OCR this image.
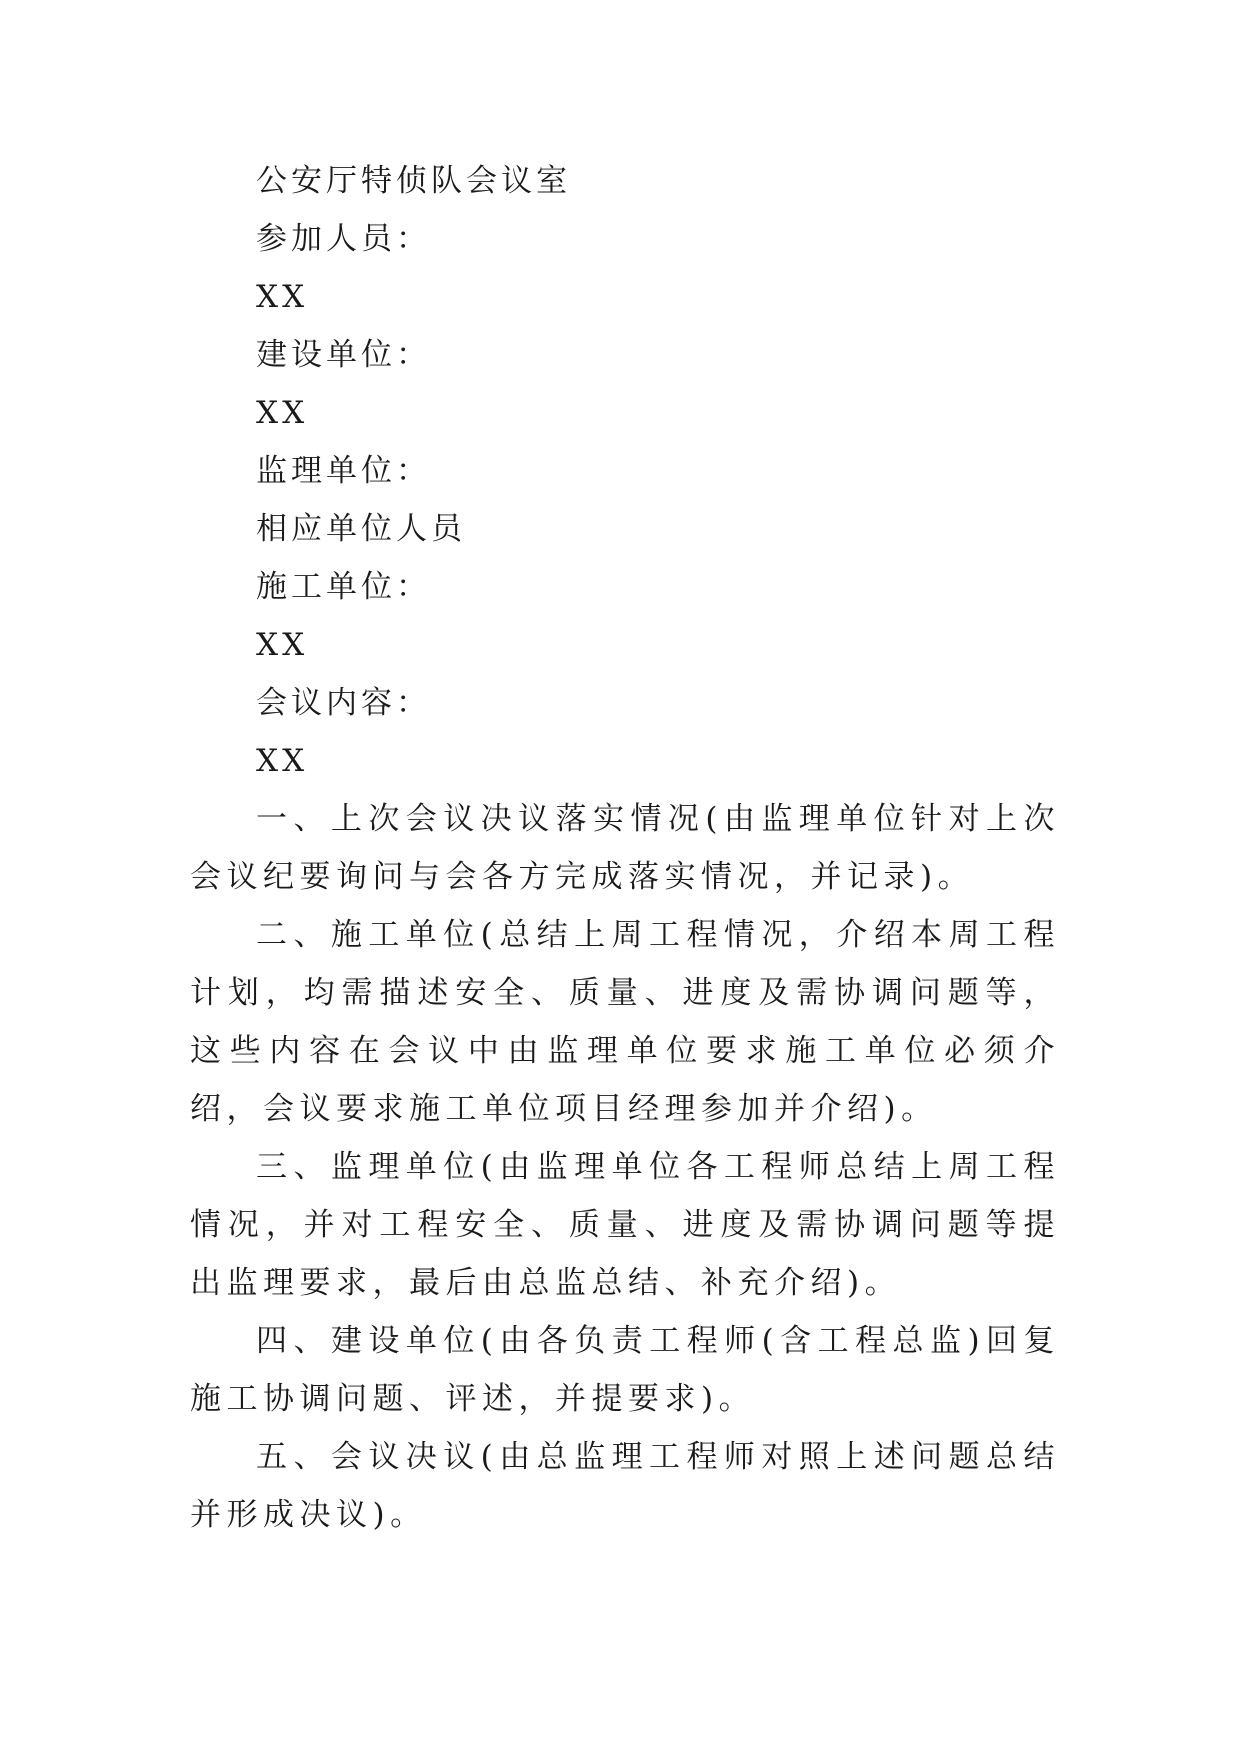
公安厅特侦队会议室

参加人员：

XX

建设单位：

XX

监理单位：

相应单位人员

施工单位：

XX

会议内容：

XX

一、上次会议决议落实情况(由监理单位针对上次会议纪要询问与会各方完成落实情况，并记录)。

二、施工单位(总结上周工程情况，介绍本周工程计划，均需描述安全、质量、进度及需协调问题等，这些内容在会议中由监理单位要求施工单位必须介绍，会议要求施工单位项目经理参加并介绍)。

三、监理单位(由监理单位各工程师总结上周工程情况，并对工程安全、质量、进度及需协调问题等提出监理要求，最后由总监总结、补充介绍)。

四、建设单位(由各负责工程师(含工程总监)回复施工协调问题、评述，并提要求)。

五、会议决议(由总监理工程师对照上述问题总结并形成决议)。
